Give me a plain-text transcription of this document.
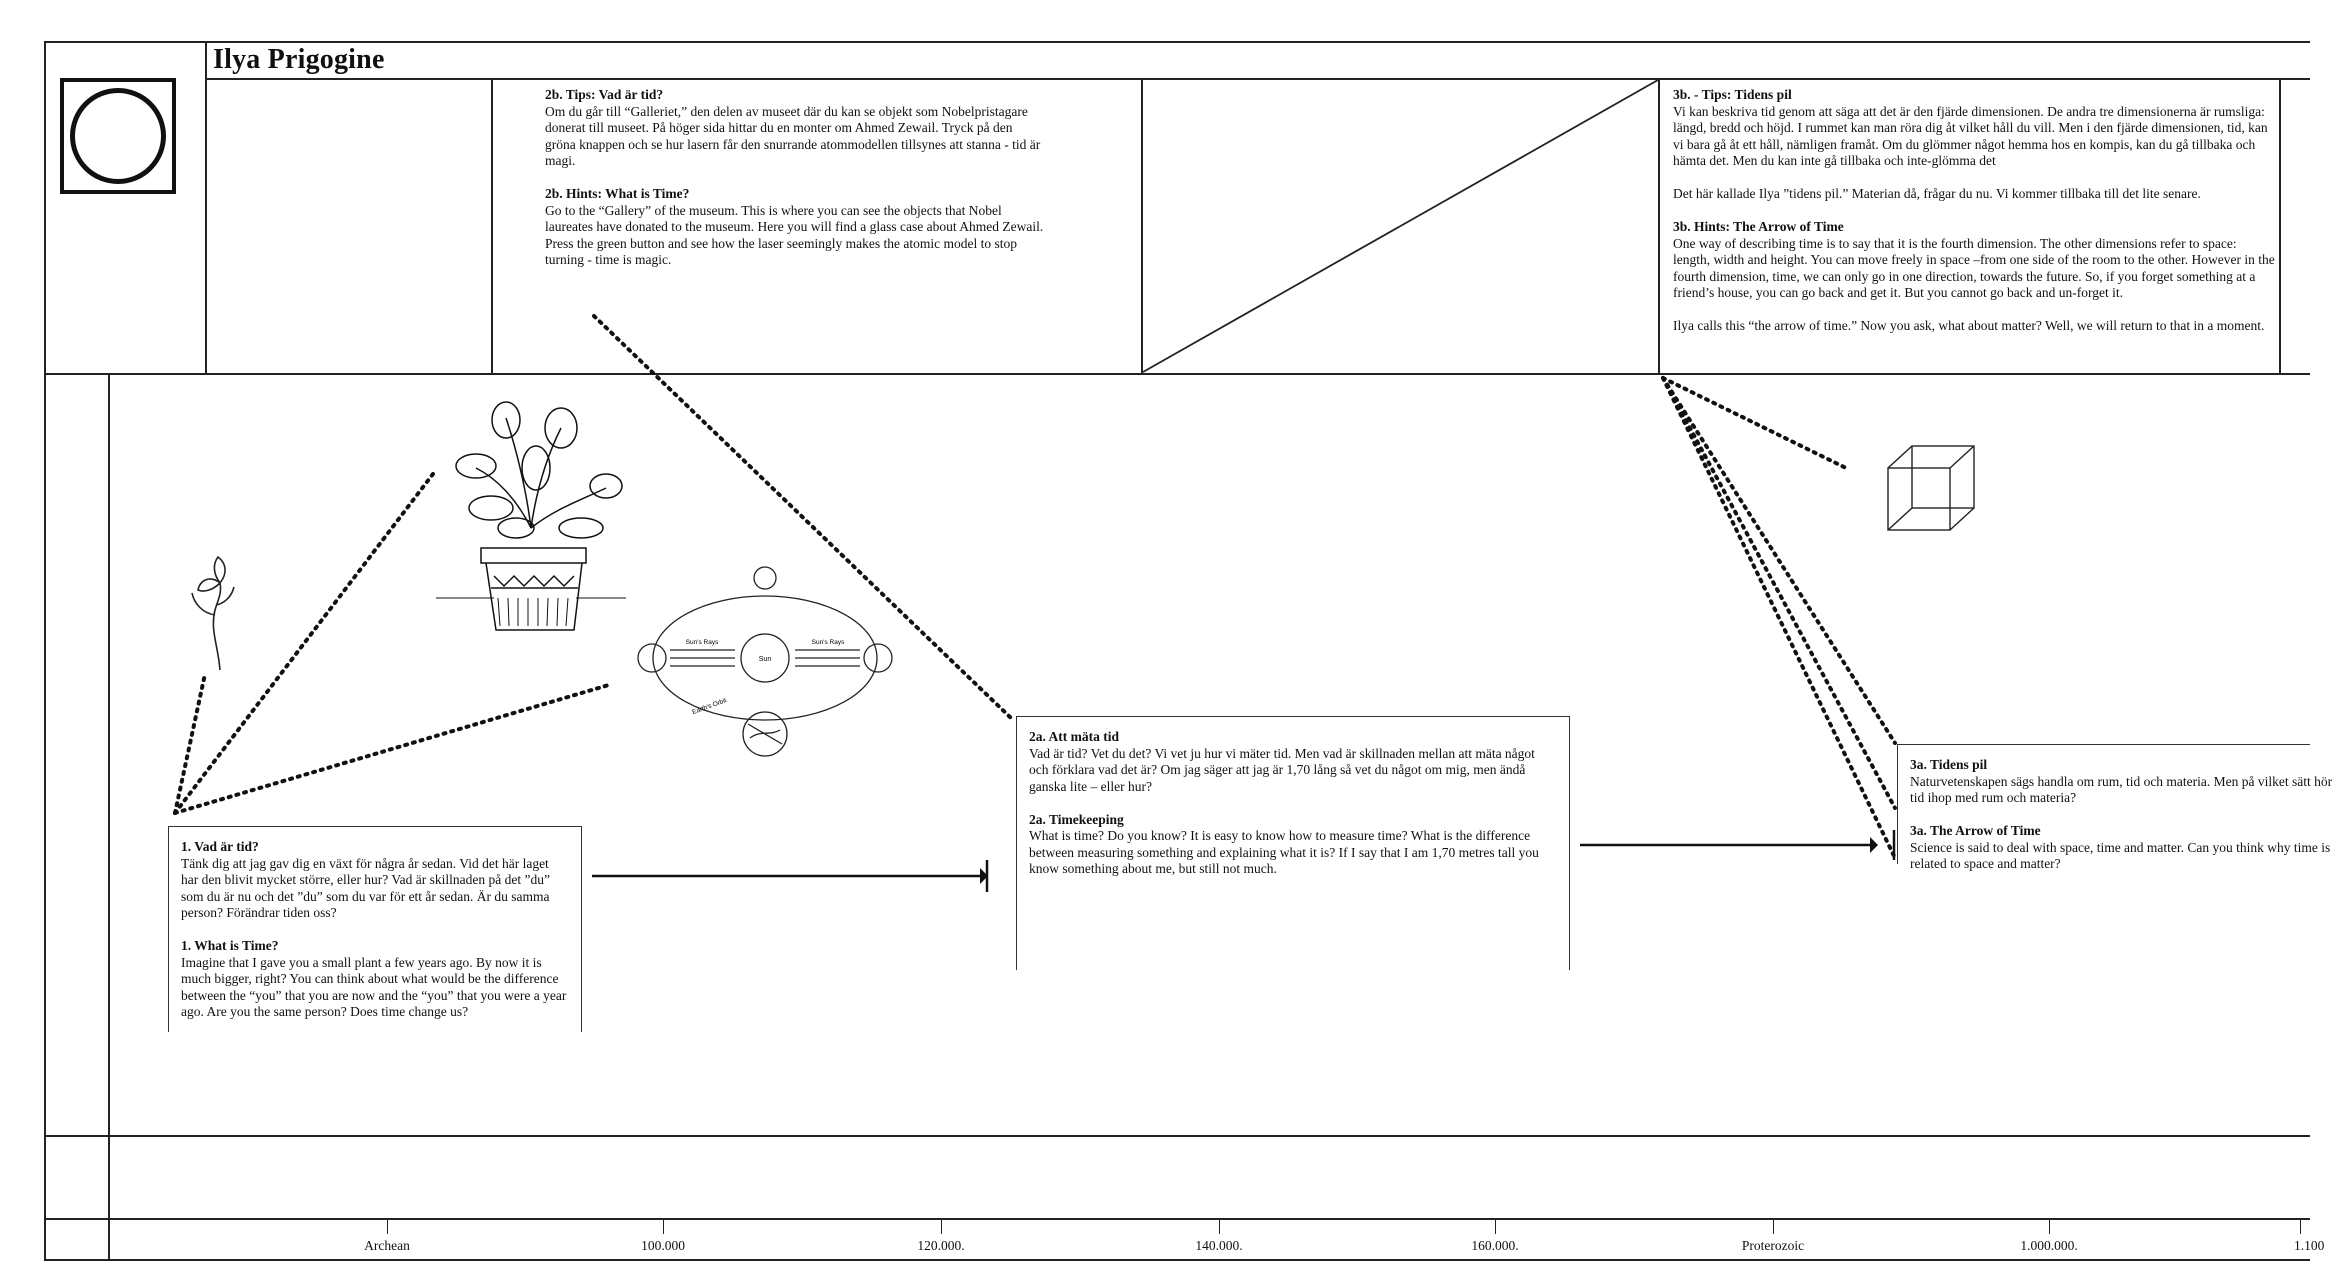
Ilya Prigogine

2b. Tips: Vad är tid?

Om du går till “Galleriet,” den delen av museet där du kan se objekt som Nobelpristagare donerat till museet. På höger sida hittar du en monter om Ahmed Zewail. Tryck på den gröna knappen och se hur lasern får den snurrande atommodellen tillsynes att stanna - tid är magi.

2b. Hints: What is Time?

Go to the “Gallery” of the museum. This is where you can see the objects that Nobel laureates have donated to the museum. Here you will find a glass case about Ahmed Zewail. Press the green button and see how the laser seemingly makes the atomic model to stop turning - time is magic.

3b. - Tips: Tidens pil

Vi kan beskriva tid genom att säga att det är den fjärde dimensionen. De andra tre dimensionerna är rumsliga: längd, bredd och höjd. I rummet kan man röra dig åt vilket håll du vill. Men i den fjärde dimensionen, tid, kan vi bara gå åt ett håll, nämligen framåt. Om du glömmer något hemma hos en kompis, kan du gå tillbaka och hämta det. Men du kan inte gå tillbaka och inte-glömma det

Det här kallade Ilya ”tidens pil.” Materian då, frågar du nu. Vi kommer tillbaka till det lite senare.

3b. Hints: The Arrow of Time

One way of describing time is to say that it is the fourth dimension. The other dimensions refer to space: length, width and height. You can move freely in space –from one side of the room to the other. However in the fourth dimension, time, we can only go in one direction, towards the future. So, if you forget something at a friend’s house, you can go back and get it. But you cannot go back and un-forget it.

Ilya calls this “the arrow of time.” Now you ask, what about matter? Well, we will return to that in a moment.

Sun
Sun's Rays	Sun's Rays
Earth's Orbit

1. Vad är tid?

Tänk dig att jag gav dig en växt för några år sedan. Vid det här laget har den blivit mycket större, eller hur? Vad är skillnaden på det ”du” som du är nu och det ”du” som du var för ett år sedan. Är du samma person? Förändrar tiden oss?

1. What is Time?

Imagine that I gave you a small plant a few years ago. By now it is much bigger, right? You can think about what would be the difference between the “you” that you are now and the “you” that you were a year ago. Are you the same person? Does time change us?

2a. Att mäta tid

Vad är tid? Vet du det? Vi vet ju hur vi mäter tid. Men vad är skillnaden mellan att mäta något och förklara vad det är? Om jag säger att jag är 1,70 lång så vet du något om mig, men ändå ganska lite – eller hur?

2a. Timekeeping

What is time? Do you know? It is easy to know how to measure time? What is the difference between measuring something and explaining what it is? If I say that I am 1,70 metres tall you know something about me, but still not much.

3a. Tidens pil

Naturvetenskapen sägs handla om rum, tid och materia. Men på vilket sätt hör tid ihop med rum och materia?

3a. The Arrow of Time

Science is said to deal with space, time and matter. Can you think why time is related to space and matter?

Archean	100.000	120.000.	140.000.	160.000.	Proterozoic	1.000.000.	1.100
